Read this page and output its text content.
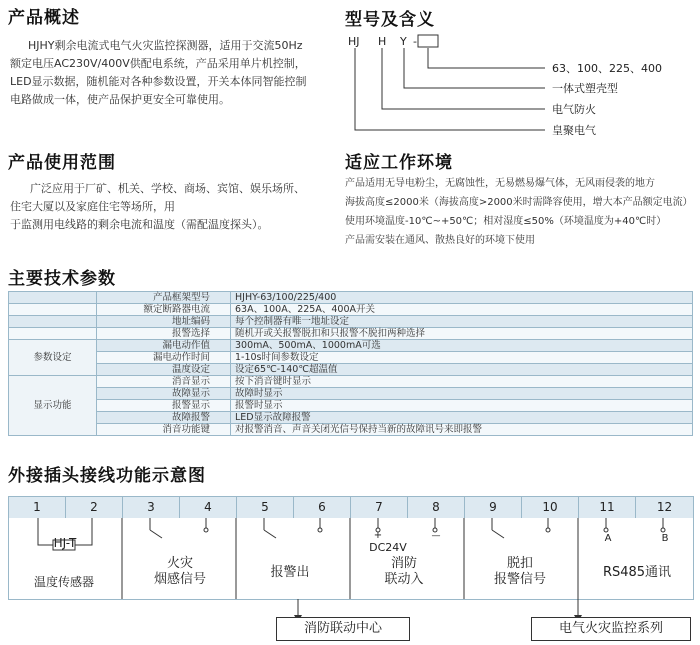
产品概述
HJHY剩余电流式电气火灾监控探测器，适用于交流50Hz
额定电压AC230V/400V供配电系统，产品采用单片机控制，
LED显示数据，随机能对各种参数设置，开关本体同智能控制
电路做成一体，使产品保护更安全可靠使用。
型号及含义
HJ H Y -
63、100、225、400
一体式塑壳型
电气防火
皇聚电气
产品使用范围
广泛应用于厂矿、机关、学校、商场、宾馆、娱乐场所、
住宅大厦以及家庭住宅等场所，用
于监测用电线路的剩余电流和温度（需配温度探头）。
适应工作环境
产品适用无导电粉尘，无腐蚀性，无易燃易爆气体，无风雨侵袭的地方
海拔高度≤2000米（海拔高度>2000米时需降容使用，增大本产品额定电流）
使用环境温度-10℃~+50℃；相对湿度≤50%（环境温度为+40℃时）
产品需安装在通风、散热良好的环境下使用
主要技术参数
	产品框架型号	HJHY-63/100/225/400
	额定断路器电流	63A、100A、225A、400A开关
	地址编码	每个控制器有唯一地址设定
	报警选择	随机开或关报警脱扣和只报警不脱扣两种选择
参数设定	漏电动作值	300mA、500mA、1000mA可选
	漏电动作时间	1-10s时间参数设定
	温度设定	设定65℃-140℃超温值
显示功能	消音显示	按下消音键时显示
	故障显示	故障时显示
	报警显示	报警时显示
	故障报警	LED显示故障报警
	消音功能键	对报警消音、声音关闭光信号保持当新的故障讯号来即报警
外接插头接线功能示意图
1	2	3	4	5	6	7	8	9	10	11	12
HJ-T
温度传感器
火灾
烟感信号	报警出
+	—
DC24V
消防
联动入
脱扣
报警信号
A	B
RS485通讯
消防联动中心	电气火灾监控系列
